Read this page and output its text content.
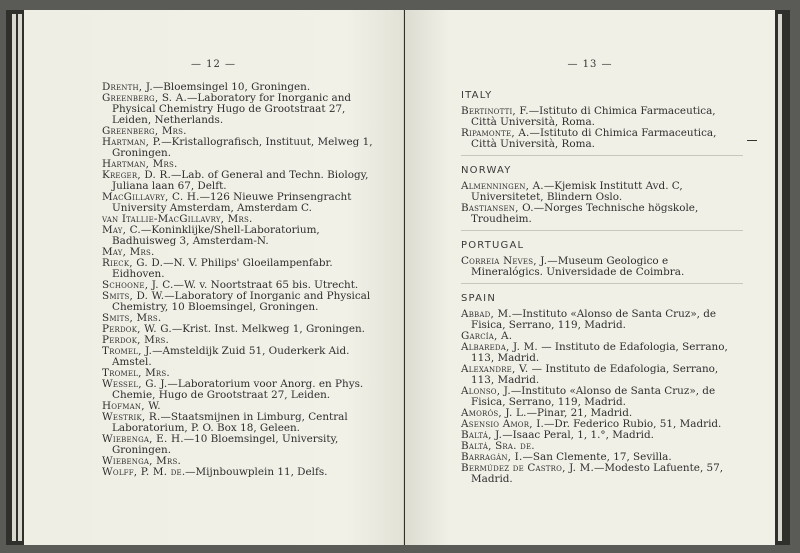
— 12 —

Drenth, J.—Bloemsingel 10, Groningen.

Greenberg, S. A.—Laboratory for Inorganic and Physical Chemistry Hugo de Grootstraat 27, Leiden, Netherlands.

Greenberg, Mrs.

Hartman, P.—Kristallografisch, Instituut, Melweg 1, Groningen.

Hartman, Mrs.

Kreger, D. R.—Lab. of General and Techn. Biology, Juliana laan 67, Delft.

MacGillavry, C. H.—126 Nieuwe Prinsengracht University Amsterdam, Amsterdam C.

van Itallie-MacGillavry, Mrs.

May, C.—Koninklijke/Shell-Laboratorium, Badhuisweg 3, Amsterdam-N.

May, Mrs.

Rieck, G. D.—N. V. Philips' Gloeilampenfabr. Eidhoven.

Schoone, J. C.—W. v. Noortstraat 65 bis. Utrecht.

Smits, D. W.—Laboratory of Inorganic and Physical Chemistry, 10 Bloemsingel, Groningen.

Smits, Mrs.

Perdok, W. G.—Krist. Inst. Melkweg 1, Groningen.

Perdok, Mrs.

Tromel, J.—Amsteldijk Zuid 51, Ouderkerk Aid. Amstel.

Tromel, Mrs.

Wessel, G. J.—Laboratorium voor Anorg. en Phys. Chemie, Hugo de Grootstraat 27, Leiden.

Hofman, W.

Westrik, R.—Staatsmijnen in Limburg, Central Laboratorium, P. O. Box 18, Geleen.

Wiebenga, E. H.—10 Bloemsingel, University, Groningen.

Wiebenga, Mrs.

Wolff, P. M. de.—Mijnbouwplein 11, Delfs.

— 13 —
ITALY

Bertinotti, F.—Istituto di Chimica Farmaceutica, Città Università, Roma.

Ripamonte, A.—Istituto di Chimica Farmaceutica, Città Università, Roma.

NORWAY

Almenningen, A.—Kjemisk Institutt Avd. C, Universitetet, Blindern Oslo.

Bastiansen, O.—Norges Technische högskole, Troudheim.

PORTUGAL

Correia Neves, J.—Museum Geologico e Mineralógics. Universidade de Coimbra.

SPAIN

Abbad, M.—Instituto «Alonso de Santa Cruz», de Fisica, Serrano, 119, Madrid.

García, A.

Albareda, J. M. — Instituto de Edafologia, Serrano, 113, Madrid.

Alexandre, V. — Instituto de Edafologia, Serrano, 113, Madrid.

Alonso, J.—Instituto «Alonso de Santa Cruz», de Fisica, Serrano, 119, Madrid.

Amorós, J. L.—Pinar, 21, Madrid.

Asensio Amor, I.—Dr. Federico Rubio, 51, Madrid.

Baltá, J.—Isaac Peral, 1, 1.°, Madrid.

Baltá, Sra. de.

Barragán, I.—San Clemente, 17, Sevilla.

Bermúdez de Castro, J. M.—Modesto Lafuente, 57, Madrid.
